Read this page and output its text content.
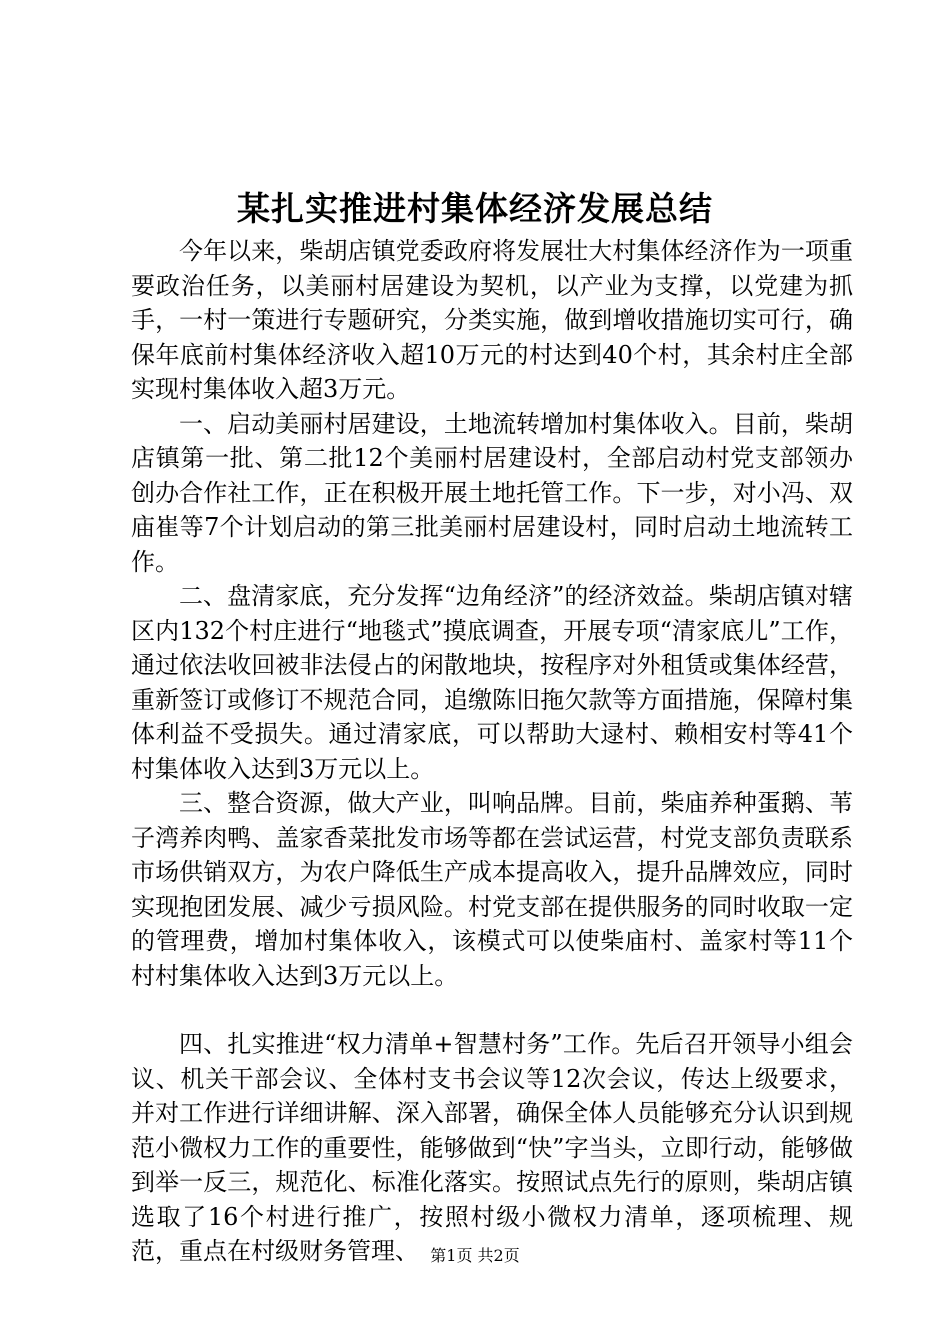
某扎实推进村集体经济发展总结

今年以来，柴胡店镇党委政府将发展壮大村集体经济作为一项重要政治任务，以美丽村居建设为契机，以产业为支撑，以党建为抓手，一村一策进行专题研究，分类实施，做到增收措施切实可行，确保年底前村集体经济收入超10万元的村达到40个村，其余村庄全部实现村集体收入超3万元。

一、启动美丽村居建设，土地流转增加村集体收入。目前，柴胡店镇第一批、第二批12个美丽村居建设村，全部启动村党支部领办创办合作社工作，正在积极开展土地托管工作。下一步，对小冯、双庙崔等7个计划启动的第三批美丽村居建设村，同时启动土地流转工作。

二、盘清家底，充分发挥“边角经济”的经济效益。柴胡店镇对辖区内132个村庄进行“地毯式”摸底调查，开展专项“清家底儿”工作，通过依法收回被非法侵占的闲散地块，按程序对外租赁或集体经营，重新签订或修订不规范合同，追缴陈旧拖欠款等方面措施，保障村集体利益不受损失。通过清家底，可以帮助大逯村、赖相安村等41个村集体收入达到3万元以上。

三、整合资源，做大产业，叫响品牌。目前，柴庙养种蛋鹅、苇子湾养肉鸭、盖家香菜批发市场等都在尝试运营，村党支部负责联系市场供销双方，为农户降低生产成本提高收入，提升品牌效应，同时实现抱团发展、减少亏损风险。村党支部在提供服务的同时收取一定的管理费，增加村集体收入，该模式可以使柴庙村、盖家村等11个村村集体收入达到3万元以上。

四、扎实推进“权力清单+智慧村务”工作。先后召开领导小组会议、机关干部会议、全体村支书会议等12次会议，传达上级要求，并对工作进行详细讲解、深入部署，确保全体人员能够充分认识到规范小微权力工作的重要性，能够做到“快”字当头，立即行动，能够做到举一反三，规范化、标准化落实。按照试点先行的原则，柴胡店镇选取了16个村进行推广，按照村级小微权力清单，逐项梳理、规范，重点在村级财务管理、 第1页 共2页
